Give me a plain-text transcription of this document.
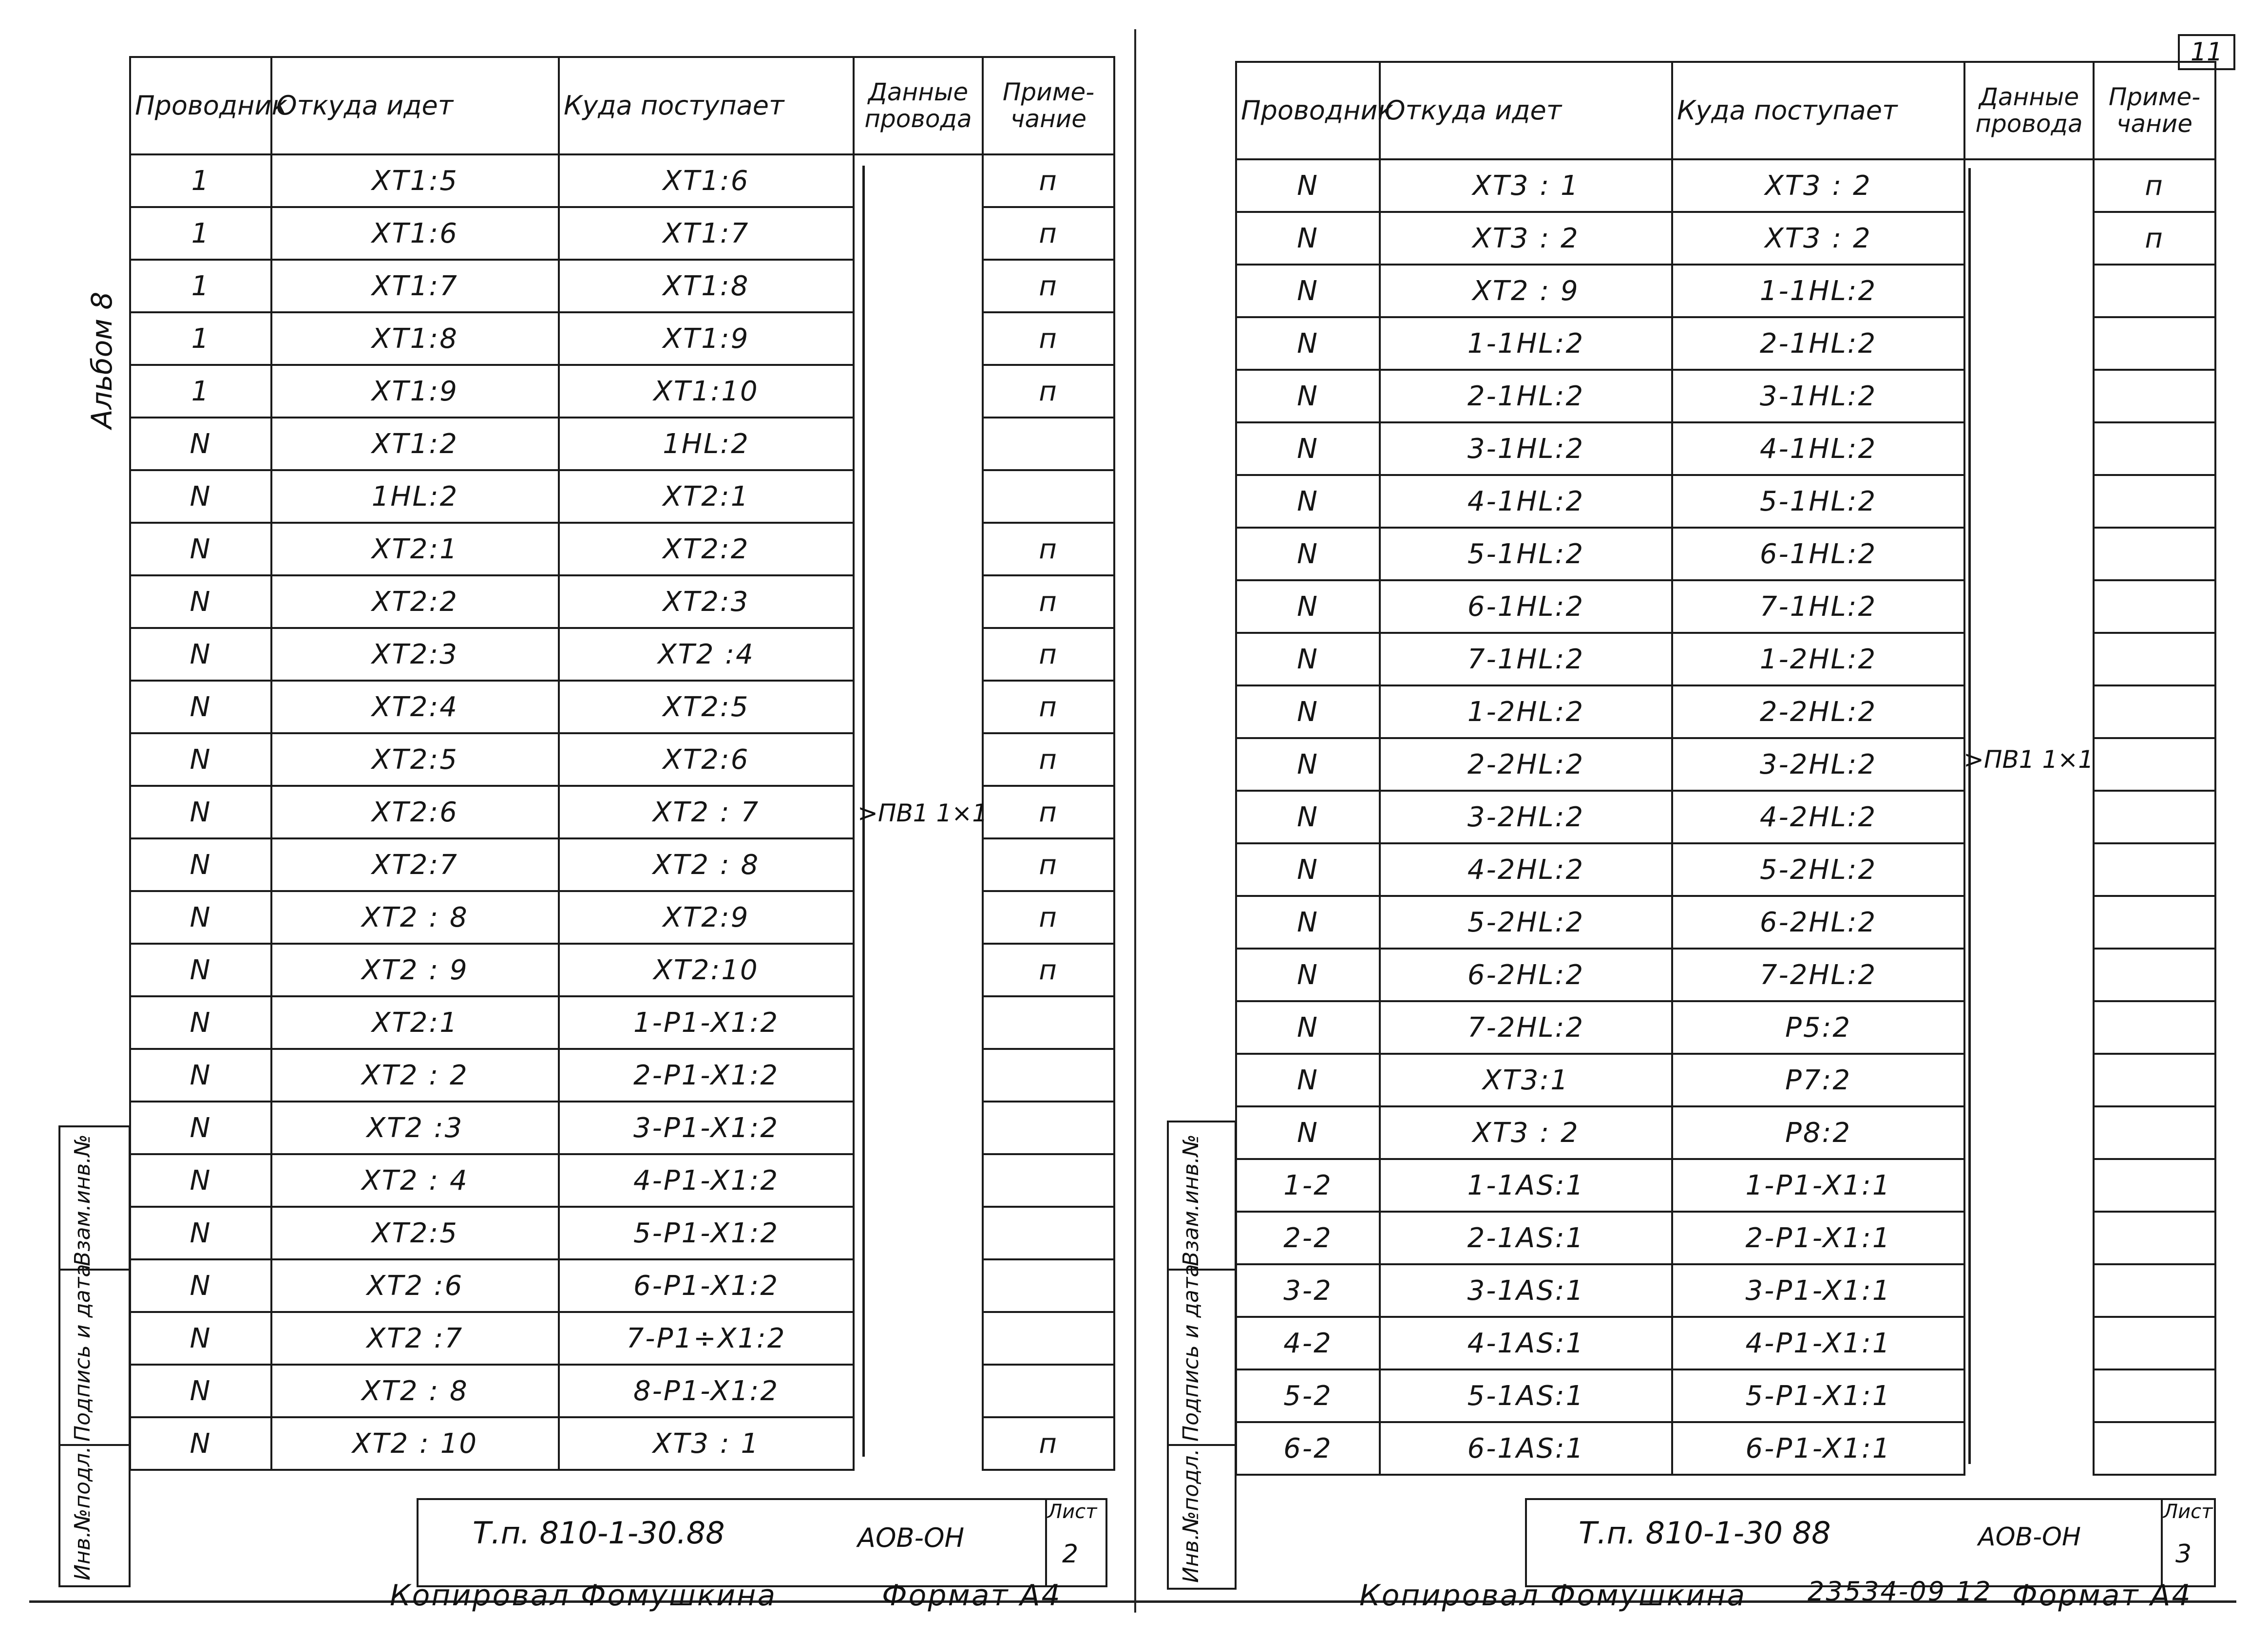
11
Альбом 8
Проводник	Откуда идет	Куда поступает	Данные провода	Приме- чание
1	XT1:5	XT1:6		п
1	XT1:6	XT1:7		п
1	XT1:7	XT1:8		п
1	XT1:8	XT1:9		п
1	XT1:9	XT1:10		п
N	XT1:2	1HL:2		
N	1HL:2	XT2:1		
N	XT2:1	XT2:2		п
N	XT2:2	XT2:3		п
N	XT2:3	XT2 :4		п
N	XT2:4	XT2:5		п
N	XT2:5	XT2:6		п
N	XT2:6	XT2 : 7		п
N	XT2:7	XT2 : 8		п
N	XT2 : 8	XT2:9		п
N	XT2 : 9	XT2:10		п
N	XT2:1	1-P1-X1:2		
N	XT2 : 2	2-P1-X1:2		
N	XT2 :3	3-P1-X1:2		
N	XT2 : 4	4-P1-X1:2		
N	XT2:5	5-P1-X1:2		
N	XT2 :6	6-P1-X1:2		
N	XT2 :7	7-P1÷X1:2		
N	XT2 : 8	8-P1-X1:2		
N	XT2 : 10	XT3 : 1		п
>ПВ1 1×1
Взам.инв.№
Подпись и дата
Инв.№подл.	Т.п. 810-1-30.88	АОВ-ОН
Лист
2
Копировал Фомушкина	Формат А4
Проводник	Откуда идет	Куда поступает	Данные провода	Приме- чание
N	XT3 : 1	XT3 : 2		п
N	XT3 : 2	XT3 : 2		п
N	XT2 : 9	1-1HL:2		
N	1-1HL:2	2-1HL:2		
N	2-1HL:2	3-1HL:2		
N	3-1HL:2	4-1HL:2		
N	4-1HL:2	5-1HL:2		
N	5-1HL:2	6-1HL:2		
N	6-1HL:2	7-1HL:2		
N	7-1HL:2	1-2HL:2		
N	1-2HL:2	2-2HL:2		
N	2-2HL:2	3-2HL:2		
N	3-2HL:2	4-2HL:2		
N	4-2HL:2	5-2HL:2		
N	5-2HL:2	6-2HL:2		
N	6-2HL:2	7-2HL:2		
N	7-2HL:2	P5:2		
N	XT3:1	P7:2		
N	XT3 : 2	P8:2		
1-2	1-1AS:1	1-P1-X1:1		
2-2	2-1AS:1	2-P1-X1:1		
3-2	3-1AS:1	3-P1-X1:1		
4-2	4-1AS:1	4-P1-X1:1		
5-2	5-1AS:1	5-P1-X1:1		
6-2	6-1AS:1	6-P1-X1:1		
>ПВ1 1×1
Взам.инв.№
Подпись и дата
Инв.№подл.	Т.п. 810-1-30 88	АОВ-ОН
Лист
3
Копировал Фомушкина 23534-09 12 Формат А4
